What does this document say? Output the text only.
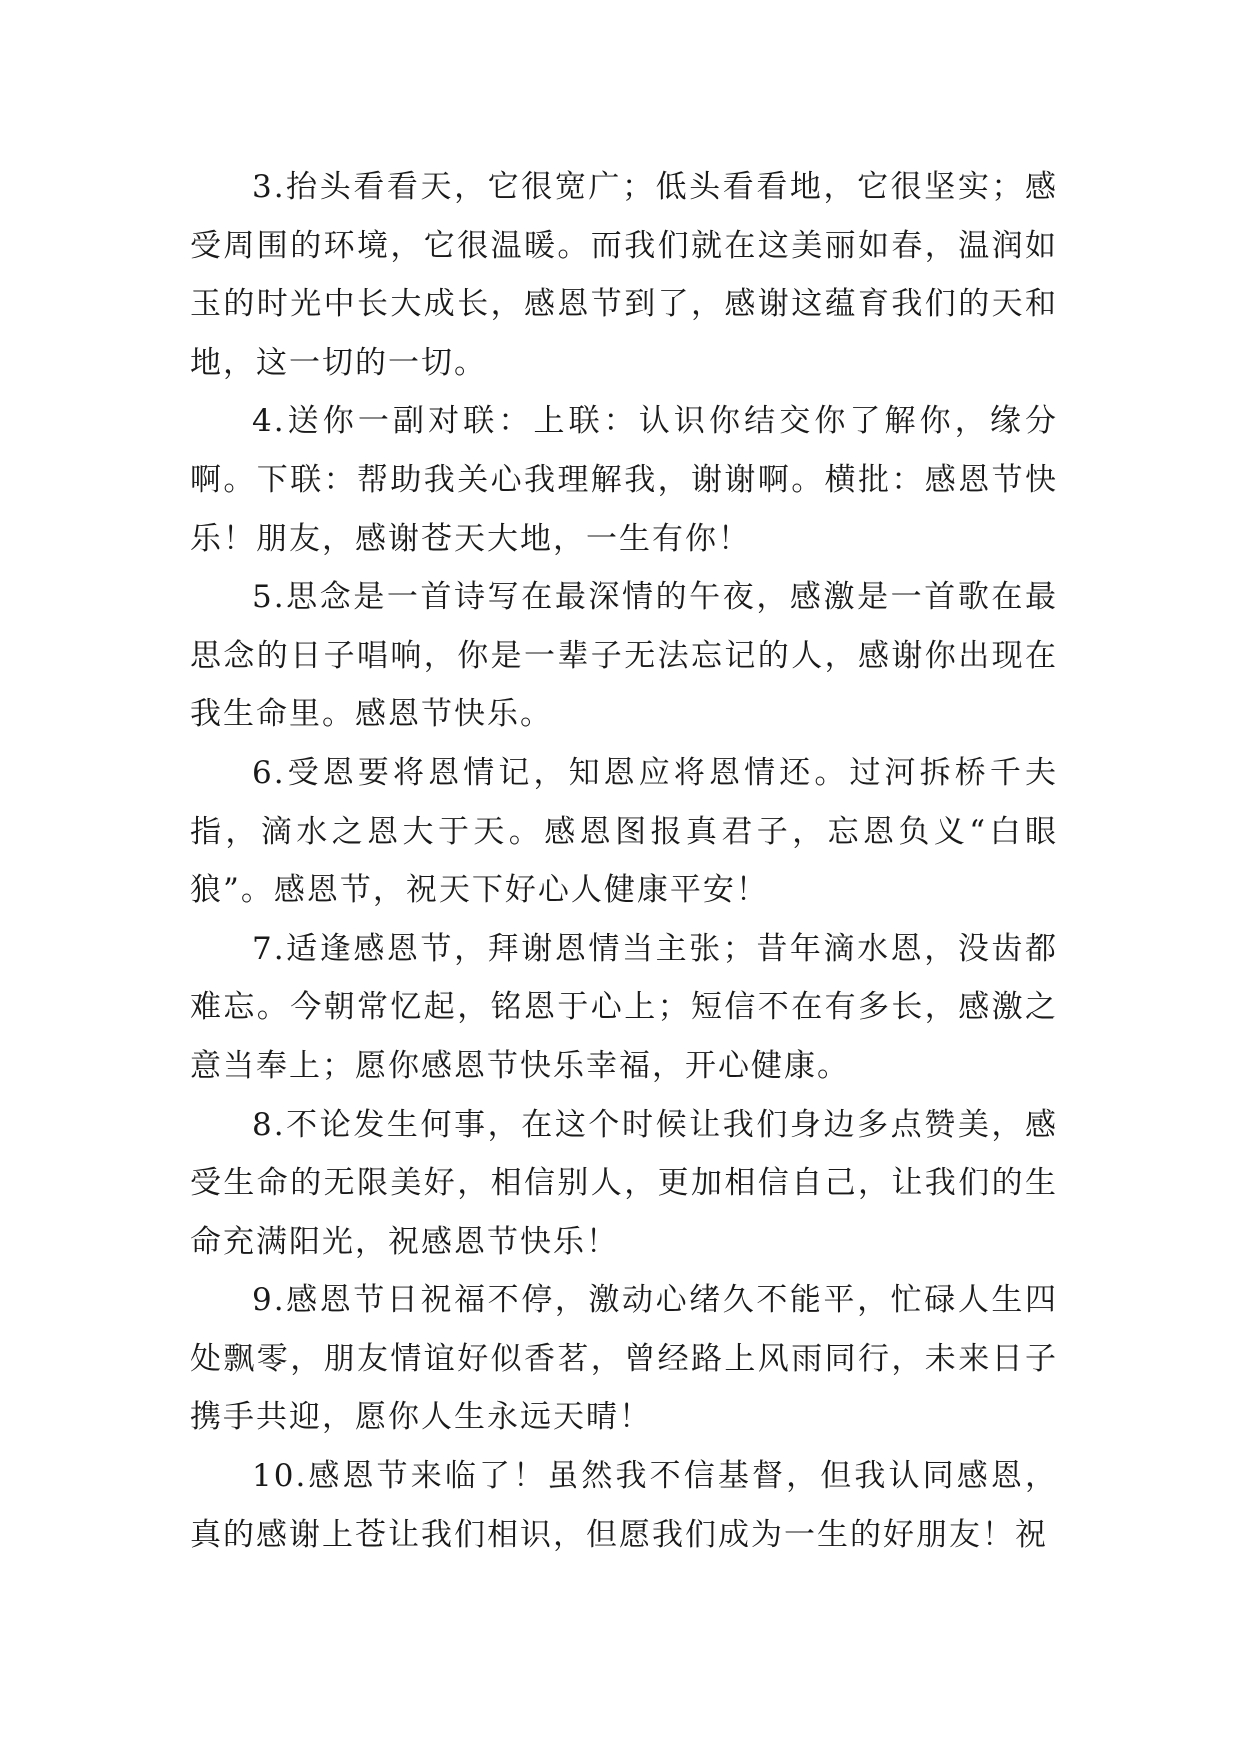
3.抬头看看天，它很宽广；低头看看地，它很坚实；感受周围的环境，它很温暖。而我们就在这美丽如春，温润如玉的时光中长大成长，感恩节到了，感谢这蕴育我们的天和地，这一切的一切。

4.送你一副对联：上联：认识你结交你了解你，缘分啊。下联：帮助我关心我理解我，谢谢啊。横批：感恩节快乐！朋友，感谢苍天大地，一生有你！

5.思念是一首诗写在最深情的午夜，感激是一首歌在最思念的日子唱响，你是一辈子无法忘记的人，感谢你出现在我生命里。感恩节快乐。

6.受恩要将恩情记，知恩应将恩情还。过河拆桥千夫指，滴水之恩大于天。感恩图报真君子，忘恩负义“白眼狼”。感恩节，祝天下好心人健康平安！

7.适逢感恩节，拜谢恩情当主张；昔年滴水恩，没齿都难忘。今朝常忆起，铭恩于心上；短信不在有多长，感激之意当奉上；愿你感恩节快乐幸福，开心健康。

8.不论发生何事，在这个时候让我们身边多点赞美，感受生命的无限美好，相信别人，更加相信自己，让我们的生命充满阳光，祝感恩节快乐！

9.感恩节日祝福不停，激动心绪久不能平，忙碌人生四处飘零，朋友情谊好似香茗，曾经路上风雨同行，未来日子携手共迎，愿你人生永远天晴！

10.感恩节来临了！虽然我不信基督，但我认同感恩，真的感谢上苍让我们相识，但愿我们成为一生的好朋友！祝
